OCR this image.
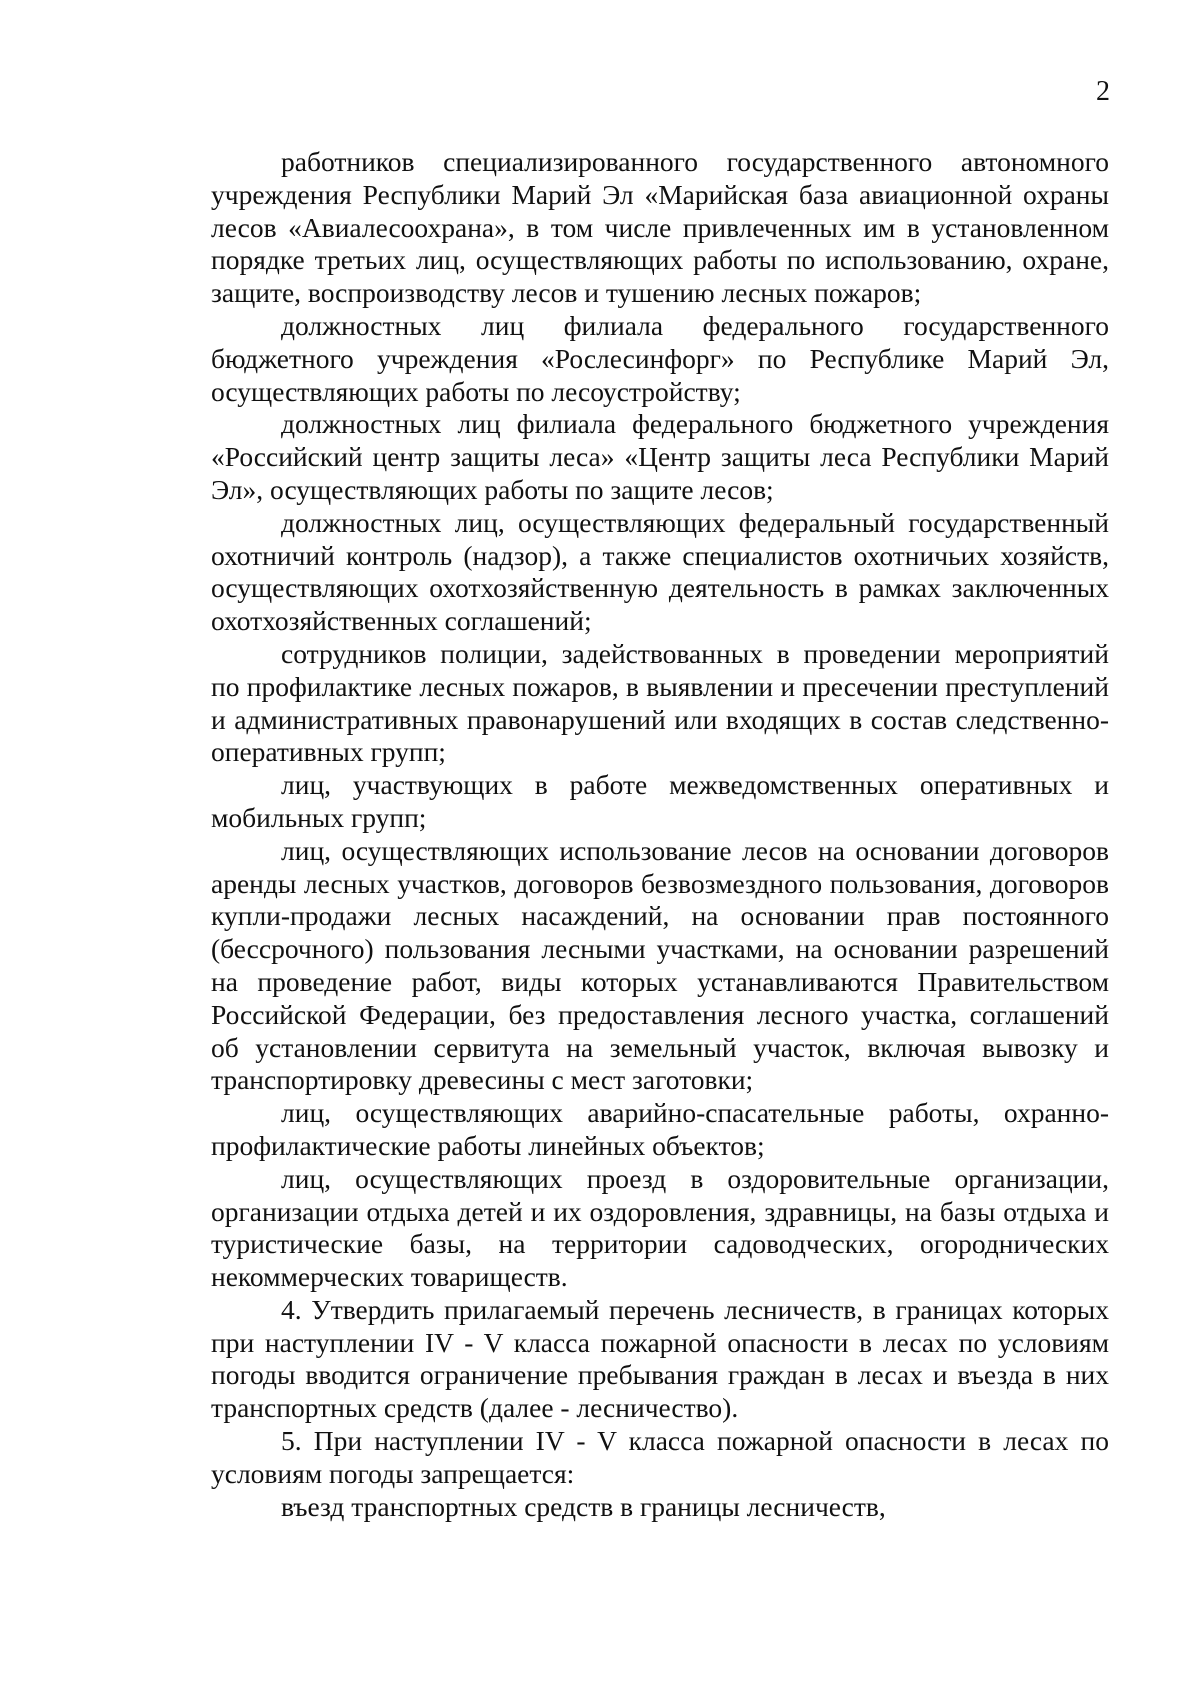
2

работников специализированного государственного автономного учреждения Республики Марий Эл «Марийская база авиационной охраны лесов «Авиалесоохрана», в том числе привлеченных им в установленном порядке третьих лиц, осуществляющих работы по использованию, охране, защите, воспроизводству лесов и тушению лесных пожаров;

должностных лиц филиала федерального государственного бюджетного учреждения «Рослесинфорг» по Республике Марий Эл, осуществляющих работы по лесоустройству;

должностных лиц филиала федерального бюджетного учреждения «Российский центр защиты леса» «Центр защиты леса Республики Марий Эл», осуществляющих работы по защите лесов;

должностных лиц, осуществляющих федеральный государственный охотничий контроль (надзор), а также специалистов охотничьих хозяйств, осуществляющих охотхозяйственную деятельность в рамках заключенных охотхозяйственных соглашений;

сотрудников полиции, задействованных в проведении мероприятий по профилактике лесных пожаров, в выявлении и пресечении преступлений и административных правонарушений или входящих в состав следственно-оперативных групп;

лиц, участвующих в работе межведомственных оперативных и мобильных групп;

лиц, осуществляющих использование лесов на основании договоров аренды лесных участков, договоров безвозмездного пользования, договоров купли-продажи лесных насаждений, на основании прав постоянного (бессрочного) пользования лесными участками, на основании разрешений на проведение работ, виды которых устанавливаются Правительством Российской Федерации, без предоставления лесного участка, соглашений об установлении сервитута на земельный участок, включая вывозку и транспортировку древесины с мест заготовки;

лиц, осуществляющих аварийно-спасательные работы, охранно-профилактические работы линейных объектов;

лиц, осуществляющих проезд в оздоровительные организации, организации отдыха детей и их оздоровления, здравницы, на базы отдыха и туристические базы, на территории садоводческих, огороднических некоммерческих товариществ.

4. Утвердить прилагаемый перечень лесничеств, в границах которых при наступлении IV - V класса пожарной опасности в лесах по условиям погоды вводится ограничение пребывания граждан в лесах и въезда в них транспортных средств (далее - лесничество).

5. При наступлении IV - V класса пожарной опасности в лесах по условиям погоды запрещается:

въезд транспортных средств в границы лесничеств,
